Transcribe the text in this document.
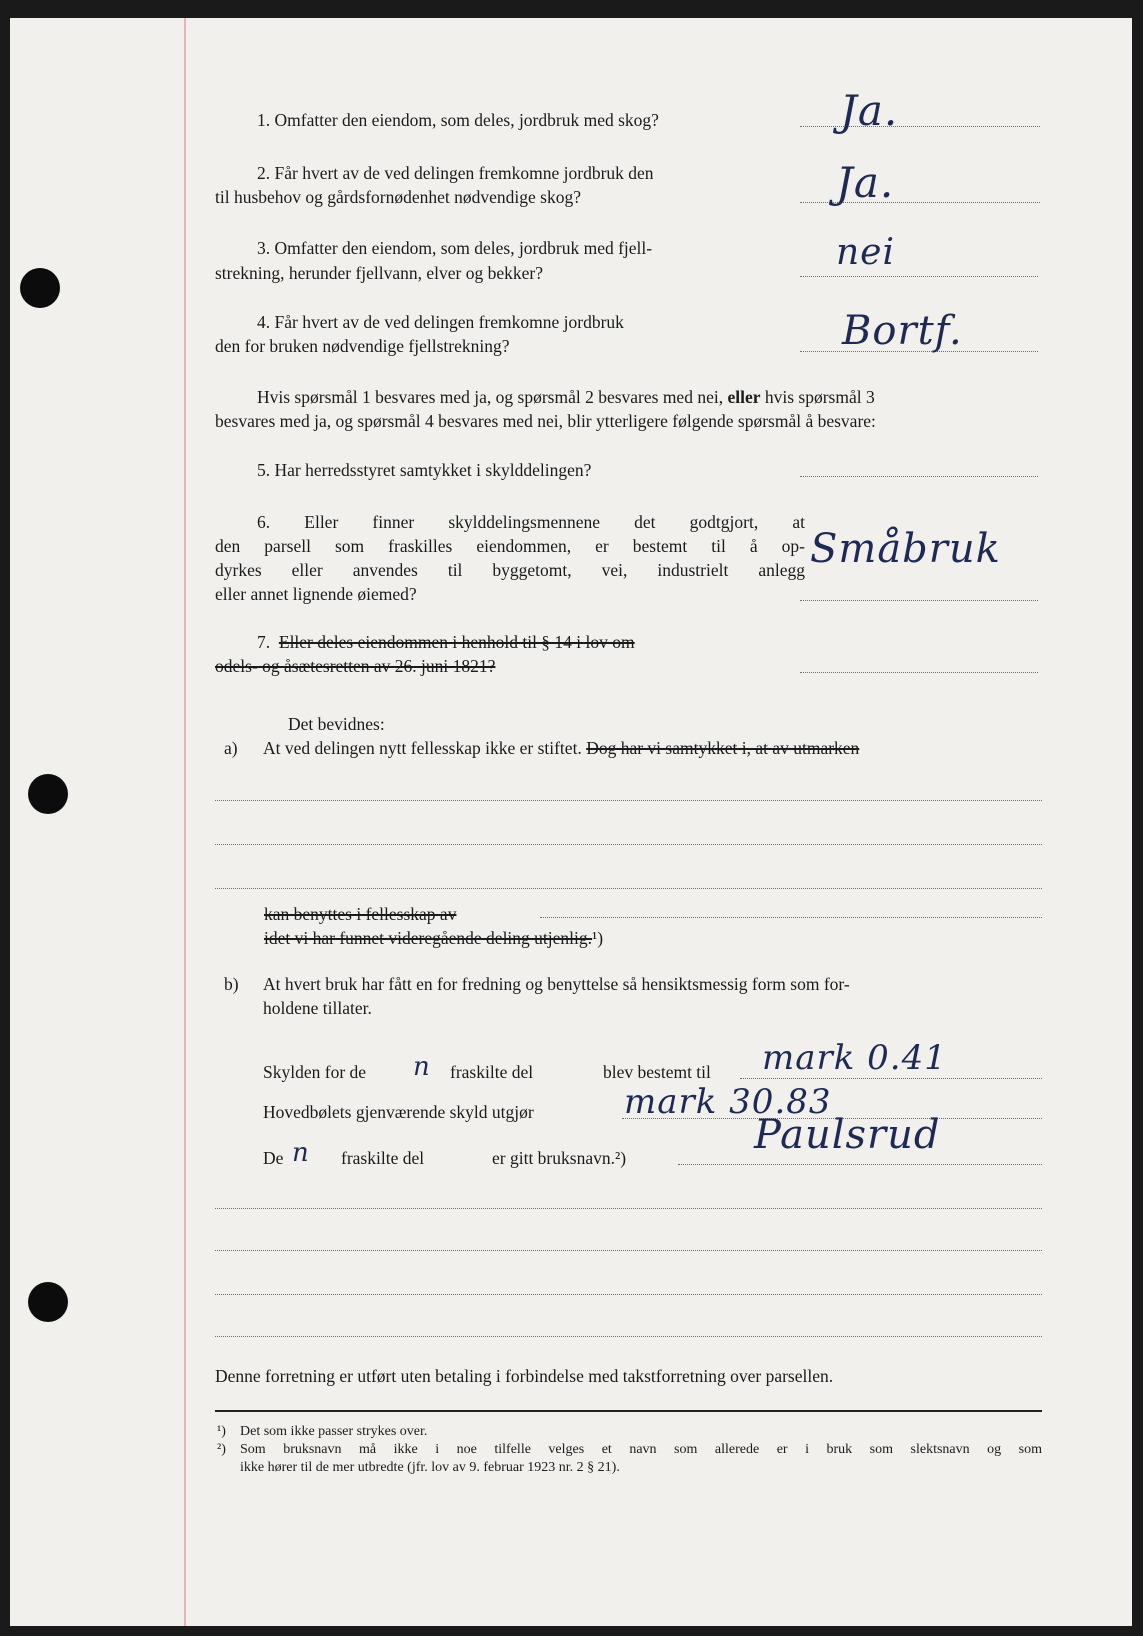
1. Omfatter den eiendom, som deles, jordbruk med skog?	Ja.
2. Får hvert av de ved delingen fremkomne jordbruk den
til husbehov og gårdsfornødenhet nødvendige skog?	Ja.
3. Omfatter den eiendom, som deles, jordbruk med fjell-
strekning, herunder fjellvann, elver og bekker?	nei
4. Får hvert av de ved delingen fremkomne jordbruk
den for bruken nødvendige fjellstrekning?	Bortf.
Hvis spørsmål 1 besvares med ja, og spørsmål 2 besvares med nei, eller hvis spørsmål 3
besvares med ja, og spørsmål 4 besvares med nei, blir ytterligere følgende spørsmål å besvare:
5. Har herredsstyret samtykket i skylddelingen?
6. Eller finner skylddelingsmennene det godtgjort, at
den parsell som fraskilles eiendommen, er bestemt til å op-
dyrkes eller anvendes til byggetomt, vei, industrielt anlegg
eller annet lignende øiemed?
Småbruk
7. Eller deles eiendommen i henhold til § 14 i lov om
odels- og åsætesretten av 26. juni 1821?
Det bevidnes:
a) At ved delingen nytt fellesskap ikke er stiftet. Dog har vi samtykket i, at av utmarken
kan benyttes i fellesskap av
idet vi har funnet videregående deling utjenlig.¹)
b) At hvert bruk har fått en for fredning og benyttelse så hensiktsmessig form som for-
holdene tillater.
Skylden for de n fraskilte del	blev bestemt til mark 0.41
Hovedbølets gjenværende skyld utgjør	mark 30.83
De n fraskilte del	er gitt bruksnavn.²)	Paulsrud
Denne forretning er utført uten betaling i forbindelse med takstforretning over parsellen.
¹) Det som ikke passer strykes over.
²) Som bruksnavn må ikke i noe tilfelle velges et navn som allerede er i bruk som slektsnavn og som
ikke hører til de mer utbredte (jfr. lov av 9. februar 1923 nr. 2 § 21).
